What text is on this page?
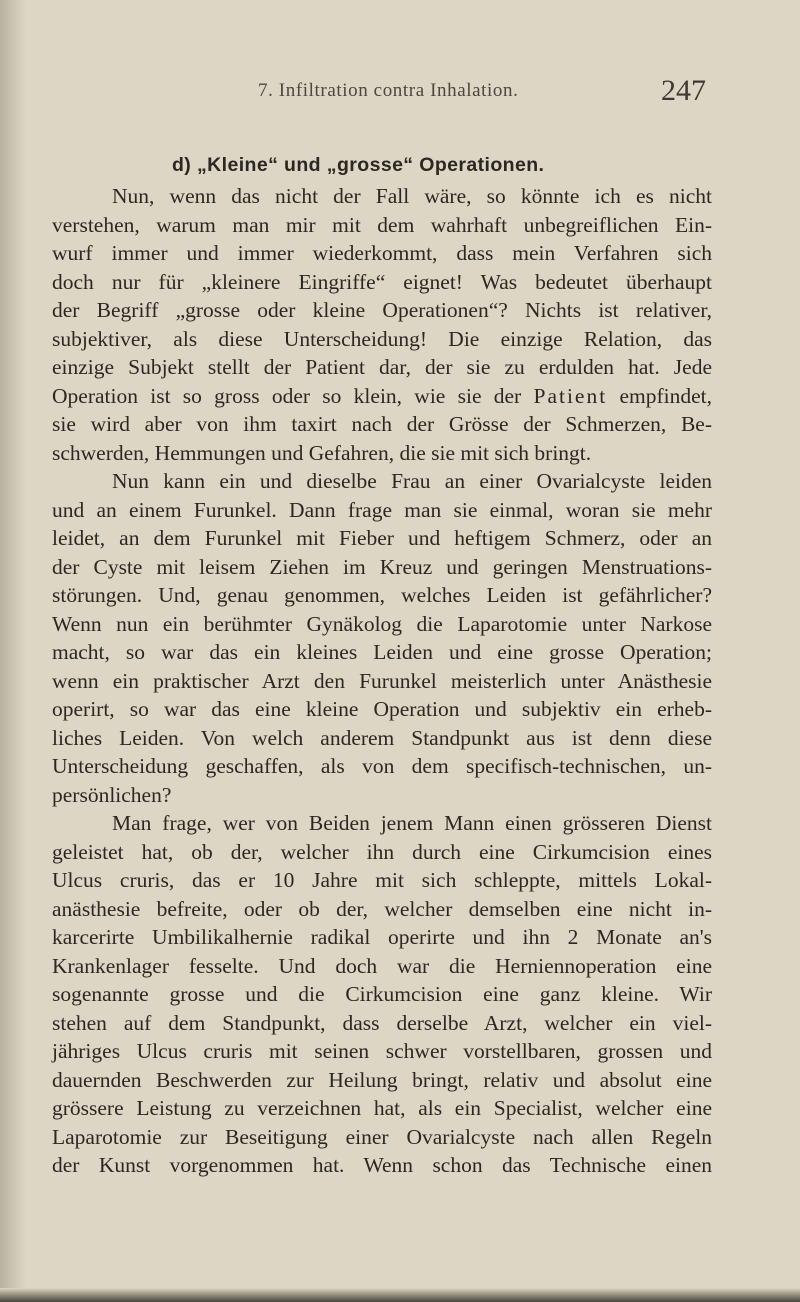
7. Infiltration contra Inhalation.	247
d) „Kleine“ und „grosse“ Operationen.
Nun, wenn das nicht der Fall wäre, so könnte ich es nicht
verstehen, warum man mir mit dem wahrhaft unbegreiflichen Ein-
wurf immer und immer wiederkommt, dass mein Verfahren sich
doch nur für „kleinere Eingriffe“ eignet! Was bedeutet überhaupt
der Begriff „grosse oder kleine Operationen“? Nichts ist relativer,
subjektiver, als diese Unterscheidung! Die einzige Relation, das
einzige Subjekt stellt der Patient dar, der sie zu erdulden hat. Jede
Operation ist so gross oder so klein, wie sie der Patient empfindet,
sie wird aber von ihm taxirt nach der Grösse der Schmerzen, Be-
schwerden, Hemmungen und Gefahren, die sie mit sich bringt.
Nun kann ein und dieselbe Frau an einer Ovarialcyste leiden
und an einem Furunkel. Dann frage man sie einmal, woran sie mehr
leidet, an dem Furunkel mit Fieber und heftigem Schmerz, oder an
der Cyste mit leisem Ziehen im Kreuz und geringen Menstruations-
störungen. Und, genau genommen, welches Leiden ist gefährlicher?
Wenn nun ein berühmter Gynäkolog die Laparotomie unter Narkose
macht, so war das ein kleines Leiden und eine grosse Operation;
wenn ein praktischer Arzt den Furunkel meisterlich unter Anästhesie
operirt, so war das eine kleine Operation und subjektiv ein erheb-
liches Leiden. Von welch anderem Standpunkt aus ist denn diese
Unterscheidung geschaffen, als von dem specifisch-technischen, un-
persönlichen?
Man frage, wer von Beiden jenem Mann einen grösseren Dienst
geleistet hat, ob der, welcher ihn durch eine Cirkumcision eines
Ulcus cruris, das er 10 Jahre mit sich schleppte, mittels Lokal-
anästhesie befreite, oder ob der, welcher demselben eine nicht in-
karcerirte Umbilikalhernie radikal operirte und ihn 2 Monate an's
Krankenlager fesselte. Und doch war die Herniennoperation eine
sogenannte grosse und die Cirkumcision eine ganz kleine. Wir
stehen auf dem Standpunkt, dass derselbe Arzt, welcher ein viel-
jähriges Ulcus cruris mit seinen schwer vorstellbaren, grossen und
dauernden Beschwerden zur Heilung bringt, relativ und absolut eine
grössere Leistung zu verzeichnen hat, als ein Specialist, welcher eine
Laparotomie zur Beseitigung einer Ovarialcyste nach allen Regeln
der Kunst vorgenommen hat. Wenn schon das Technische einen
